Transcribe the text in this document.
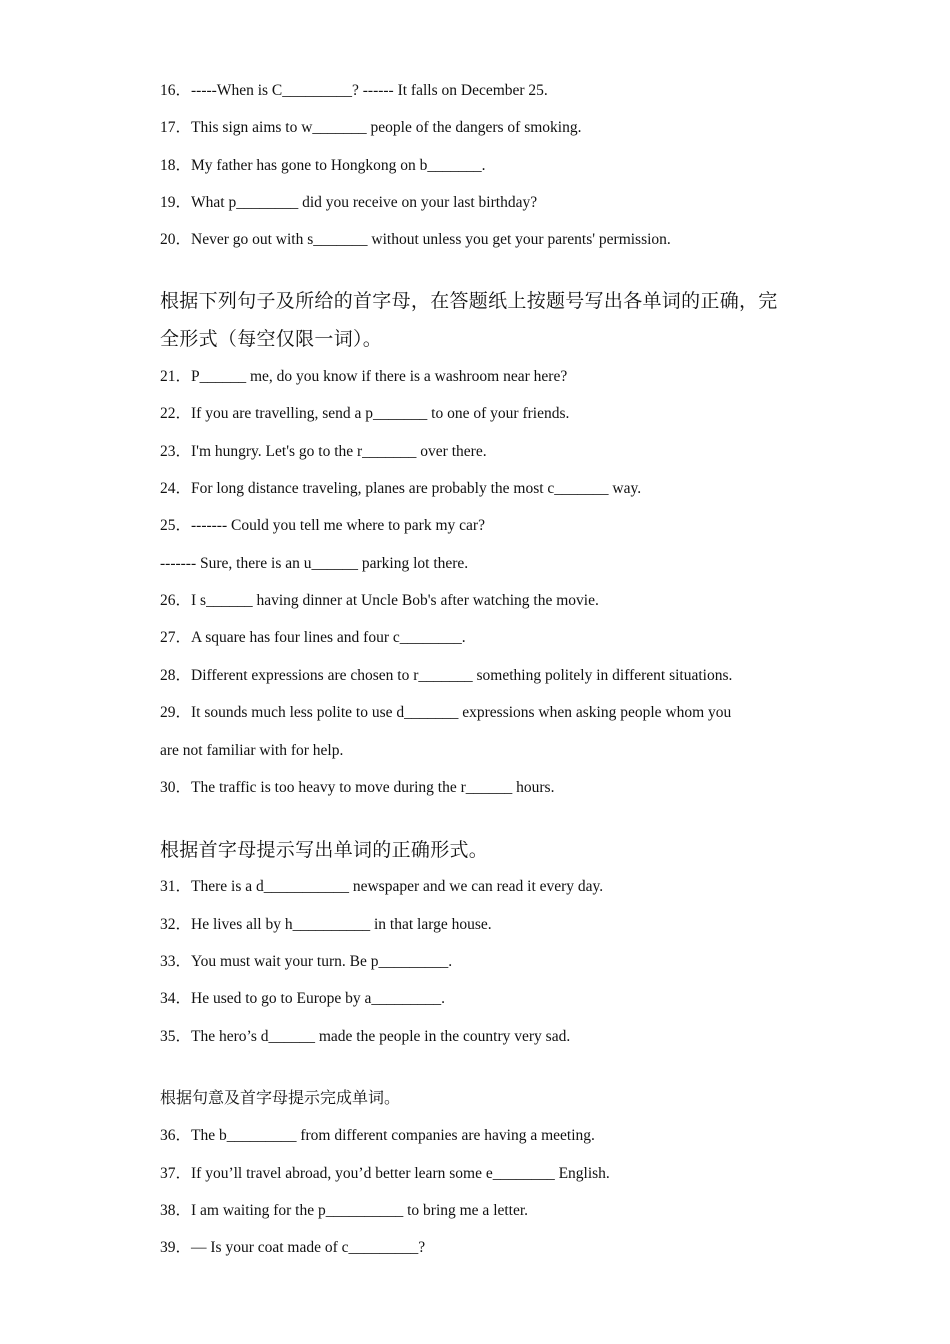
16．-----When is C_________? ------ It falls on December 25.
17．This sign aims to w_______ people of the dangers of smoking.
18．My father has gone to Hongkong on b_______.
19．What p________ did you receive on your last birthday?
20．Never go out with s_______ without unless you get your parents' permission.
根据下列句子及所给的首字母，在答题纸上按题号写出各单词的正确，完
全形式（每空仅限一词）。
21．P______ me, do you know if there is a washroom near here?
22．If you are travelling, send a p_______ to one of your friends.
23．I'm hungry. Let's go to the r_______ over there.
24．For long distance traveling, planes are probably the most c_______ way.
25．------- Could you tell me where to park my car?
------- Sure, there is an u______ parking lot there.
26．I s______ having dinner at Uncle Bob's after watching the movie.
27．A square has four lines and four c________.
28．Different expressions are chosen to r_______ something politely in different situations.
29．It sounds much less polite to use d_______ expressions when asking people whom you
are not familiar with for help.
30．The traffic is too heavy to move during the r______ hours.
根据首字母提示写出单词的正确形式。
31．There is a d___________ newspaper and we can read it every day.
32．He lives all by h__________ in that large house.
33．You must wait your turn. Be p_________.
34．He used to go to Europe by a_________.
35．The hero’s d______ made the people in the country very sad.
根据句意及首字母提示完成单词。
36．The b_________ from different companies are having a meeting.
37．If you’ll travel abroad, you’d better learn some e________ English.
38．I am waiting for the p__________ to bring me a letter.
39．— Is your coat made of c_________?
